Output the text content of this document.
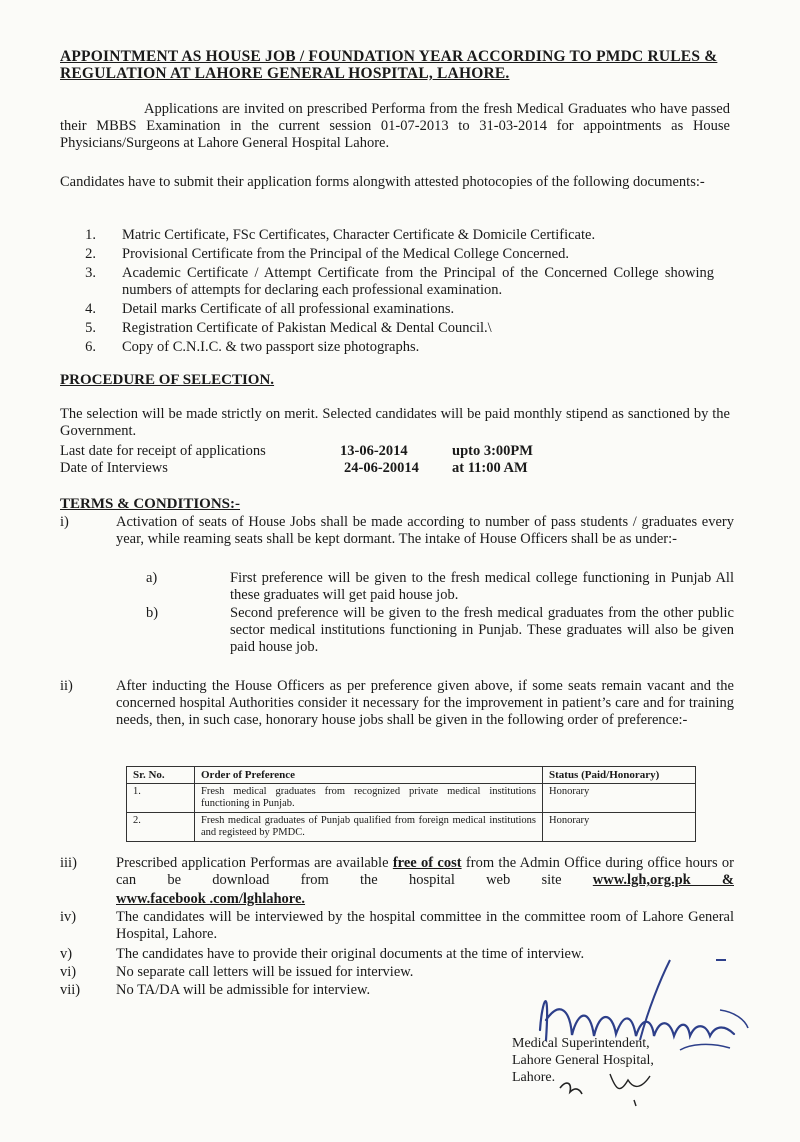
APPOINTMENT AS HOUSE JOB / FOUNDATION YEAR ACCORDING TO PMDC RULES &
REGULATION AT LAHORE GENERAL HOSPITAL, LAHORE.
Applications are invited on prescribed Performa from the fresh Medical Graduates who have passed their MBBS Examination in the current session 01-07-2013 to 31-03-2014 for appointments as House Physicians/Surgeons at Lahore General Hospital Lahore.
Candidates have to submit their application forms alongwith attested photocopies of the following documents:-
1. Matric Certificate, FSc Certificates, Character Certificate & Domicile Certificate.
2. Provisional Certificate from the Principal of the Medical College Concerned.
3. Academic Certificate / Attempt Certificate from the Principal of the Concerned College showing numbers of attempts for declaring each professional examination.
4. Detail marks Certificate of all professional examinations.
5. Registration Certificate of Pakistan Medical & Dental Council.\
6. Copy of C.N.I.C. & two passport size photographs.
PROCEDURE OF SELECTION.
The selection will be made strictly on merit. Selected candidates will be paid monthly stipend as sanctioned by the Government.
Last date for receipt of applications	13-06-2014	upto 3:00PM
Date of Interviews	24-06-20014 at 11:00 AM
TERMS & CONDITIONS:-
i)	Activation of seats of House Jobs shall be made according to number of pass students / graduates every year, while reaming seats shall be kept dormant. The intake of House Officers shall be as under:-
a)	First preference will be given to the fresh medical college functioning in Punjab All these graduates will get paid house job.
b)	Second preference will be given to the fresh medical graduates from the other public sector medical institutions functioning in Punjab. These graduates will also be given paid house job.
ii)	After inducting the House Officers as per preference given above, if some seats remain vacant and the concerned hospital Authorities consider it necessary for the improvement in patient’s care and for training needs, then, in such case, honorary house jobs shall be given in the following order of preference:-
Sr. No.	Order of Preference	Status (Paid/Honorary)
1.	Fresh medical graduates from recognized private medical institutions functioning in Punjab.	Honorary
2.	Fresh medical graduates of Punjab qualified from foreign medical institutions and registeed by PMDC.	Honorary
iii)	Prescribed application Performas are available free of cost from the Admin Office during office hours or can be download from the hospital web site www.lgh,org.pk &
www.facebook .com/lghlahore.
iv)	The candidates will be interviewed by the hospital committee in the committee room of Lahore General Hospital, Lahore.
v)	The candidates have to provide their original documents at the time of interview.
vi)	No separate call letters will be issued for interview.
vii) No TA/DA will be admissible for interview.
Medical Superintendent,
Lahore General Hospital,
Lahore.
